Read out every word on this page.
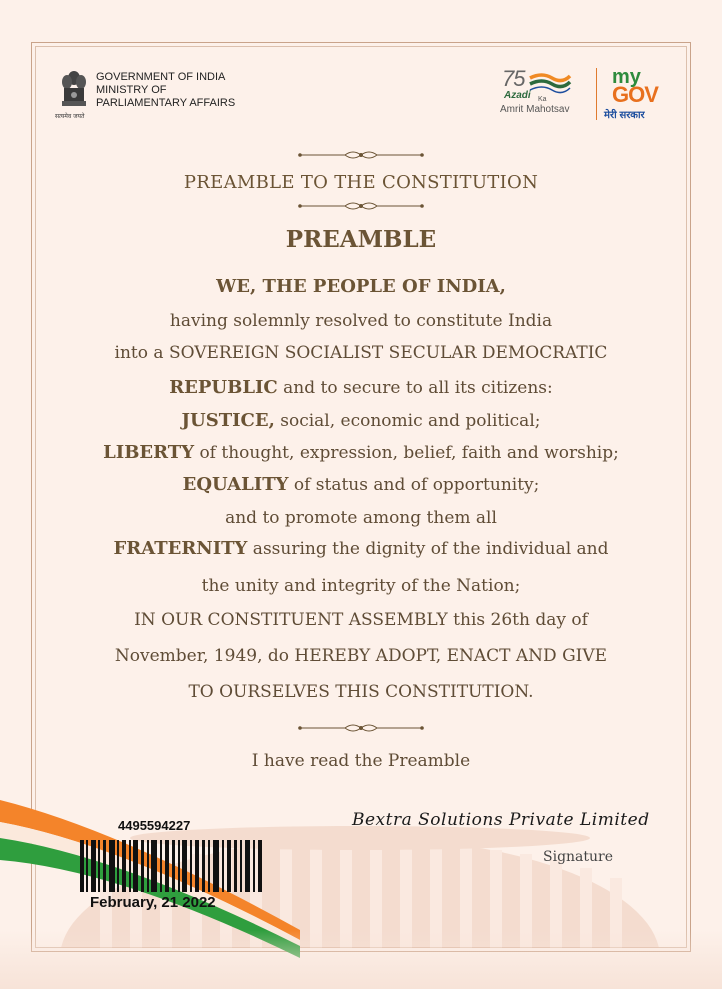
सत्यमेव जयते
GOVERNMENT OF INDIA
MINISTRY OF
PARLIAMENTARY AFFAIRS
75
Azadi Ka
Amrit Mahotsav
my
GOV
मेरी सरकार
PREAMBLE TO THE CONSTITUTION
PREAMBLE
WE, THE PEOPLE OF INDIA,
having solemnly resolved to constitute India
into a SOVEREIGN SOCIALIST SECULAR DEMOCRATIC
REPUBLIC and to secure to all its citizens:
JUSTICE, social, economic and political;
LIBERTY of thought, expression, belief, faith and worship;
EQUALITY of status and of opportunity;
and to promote among them all
FRATERNITY assuring the dignity of the individual and
the unity and integrity of the Nation;
IN OUR CONSTITUENT ASSEMBLY this 26th day of
November, 1949, do HEREBY ADOPT, ENACT AND GIVE
TO OURSELVES THIS CONSTITUTION.
I have read the Preamble
4495594227
February, 21 2022
Bextra Solutions Private Limited
Signature
